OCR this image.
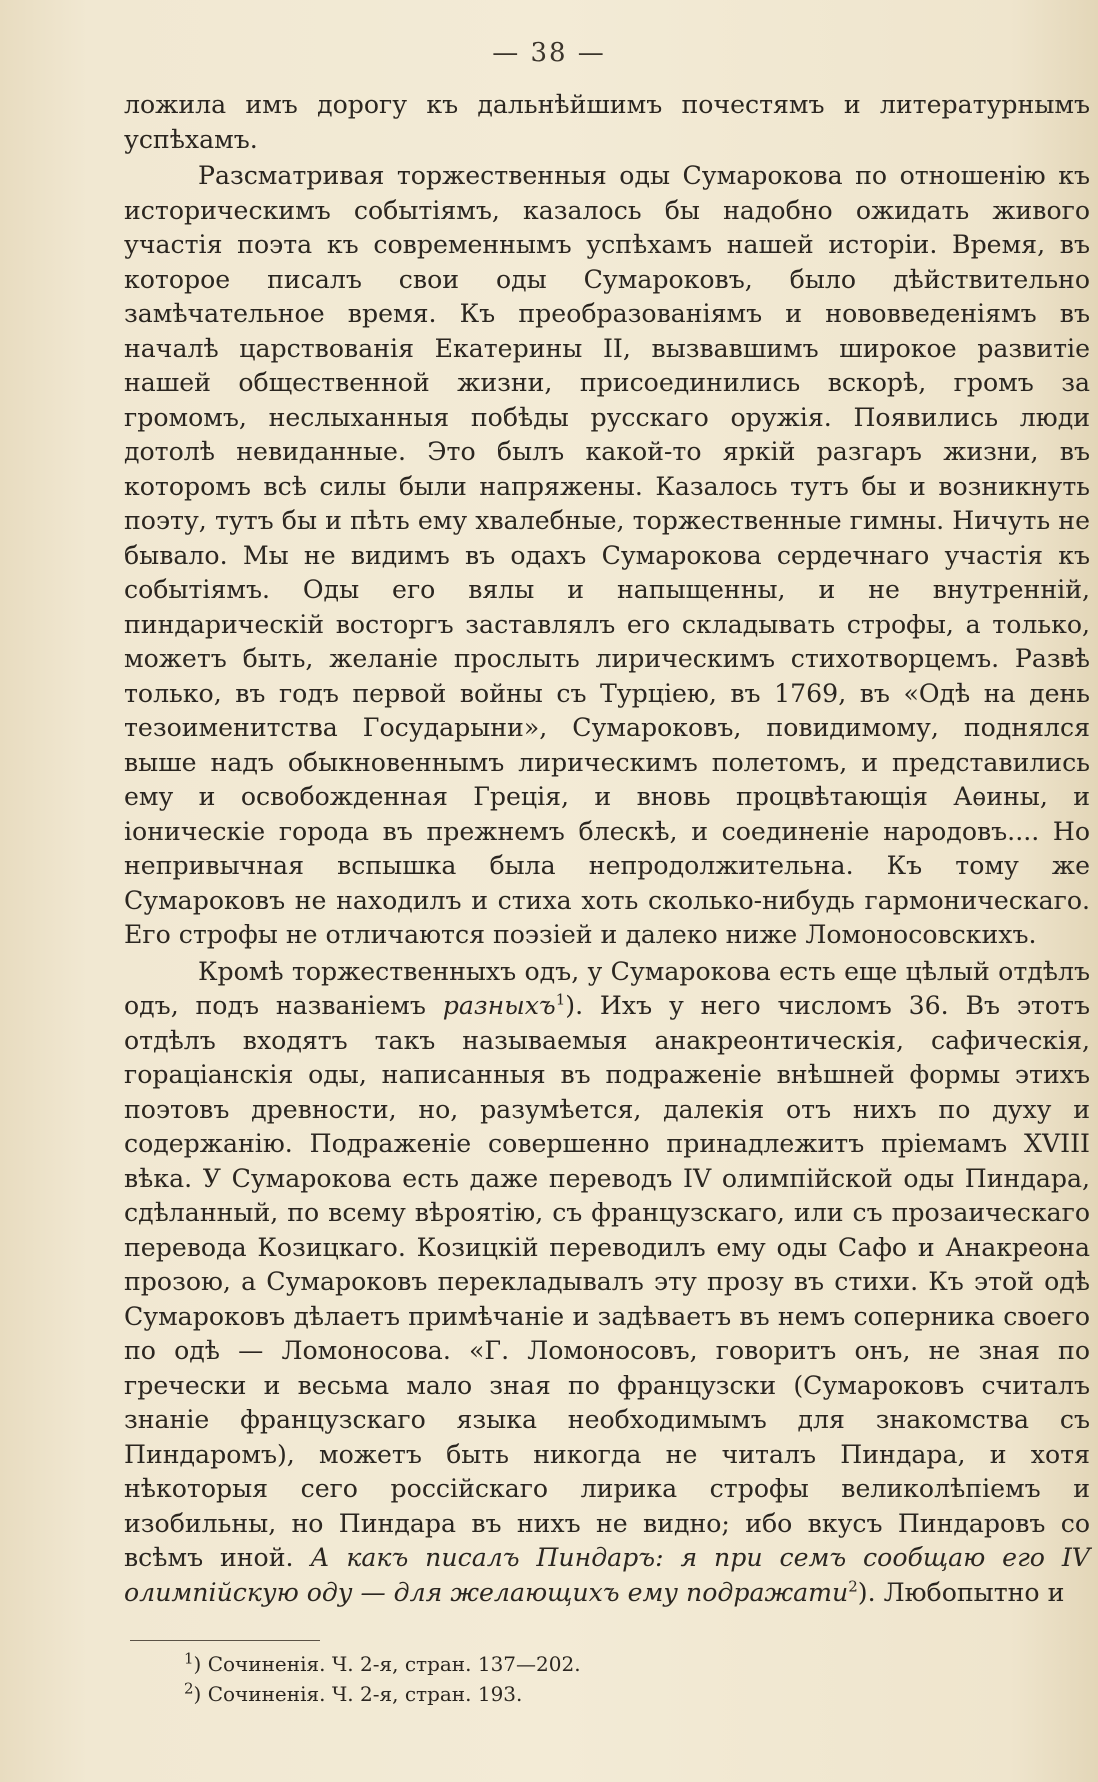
— 38 —

ложила имъ дорогу къ дальнѣйшимъ почестямъ и литературнымъ успѣхамъ.

Разсматривая торжественныя оды Сумарокова по отношенію къ историческимъ событіямъ, казалось бы надобно ожидать живого участія поэта къ современнымъ успѣхамъ нашей исторіи. Время, въ которое писалъ свои оды Сумароковъ, было дѣйствительно замѣчательное время. Къ преобразованіямъ и нововведеніямъ въ началѣ царствованія Екатерины II, вызвавшимъ широкое развитіе нашей общественной жизни, присоединились вскорѣ, громъ за громомъ, неслыханныя побѣды русскаго оружія. Появились люди дотолѣ невиданные. Это былъ какой-то яркій разгаръ жизни, въ которомъ всѣ силы были напряжены. Казалось тутъ бы и возникнуть поэту, тутъ бы и пѣть ему хвалебные, торжественные гимны. Ничуть не бывало. Мы не видимъ въ одахъ Сумарокова сердечнаго участія къ событіямъ. Оды его вялы и напыщенны, и не внутренній, пиндарическій восторгъ заставлялъ его складывать строфы, а только, можетъ быть, желаніе прослыть лирическимъ стихотворцемъ. Развѣ только, въ годъ первой войны съ Турціею, въ 1769, въ «Одѣ на день тезоименитства Государыни», Сумароковъ, повидимому, поднялся выше надъ обыкновеннымъ лирическимъ полетомъ, и представились ему и освобожденная Греція, и вновь процвѣтающія Аѳины, и іоническіе города въ прежнемъ блескѣ, и соединеніе народовъ.... Но непривычная вспышка была непродолжительна. Къ тому же Сумароковъ не находилъ и стиха хоть сколько-нибудь гармоническаго. Его строфы не отличаются поэзіей и далеко ниже Ломоносовскихъ.

Кромѣ торжественныхъ одъ, у Сумарокова есть еще цѣлый отдѣлъ одъ, подъ названіемъ разныхъ$^1$). Ихъ у него числомъ 36. Въ этотъ отдѣлъ входятъ такъ называемыя анакреонтическія, сафическія, гораціанскія оды, написанныя въ подраженіе внѣшней формы этихъ поэтовъ древности, но, разумѣется, далекія отъ нихъ по духу и содержанію. Подраженіе совершенно принадлежитъ пріемамъ XVIII вѣка. У Сумарокова есть даже переводъ IV олимпійской оды Пиндара, сдѣланный, по всему вѣроятію, съ французскаго, или съ прозаическаго перевода Козицкаго. Козицкій переводилъ ему оды Сафо и Анакреона прозою, а Сумароковъ перекладывалъ эту прозу въ стихи. Къ этой одѣ Сумароковъ дѣлаетъ примѣчаніе и задѣваетъ въ немъ соперника своего по одѣ — Ломоносова. «Г. Ломоносовъ, говоритъ онъ, не зная по гречески и весьма мало зная по французски (Сумароковъ считалъ знаніе французскаго языка необходимымъ для знакомства съ Пиндаромъ), можетъ быть никогда не читалъ Пиндара, и хотя нѣкоторыя сего россійскаго лирика строфы великолѣпіемъ и изобильны, но Пиндара въ нихъ не видно; ибо вкусъ Пиндаровъ со всѣмъ иной. А какъ писалъ Пиндаръ: я при семъ сообщаю его IV олимпійскую оду — для желающихъ ему подражати$^2$). Любопытно и

$^1$) Сочиненія. Ч. 2-я, стран. 137—202.
$^2$) Сочиненія. Ч. 2-я, стран. 193.
